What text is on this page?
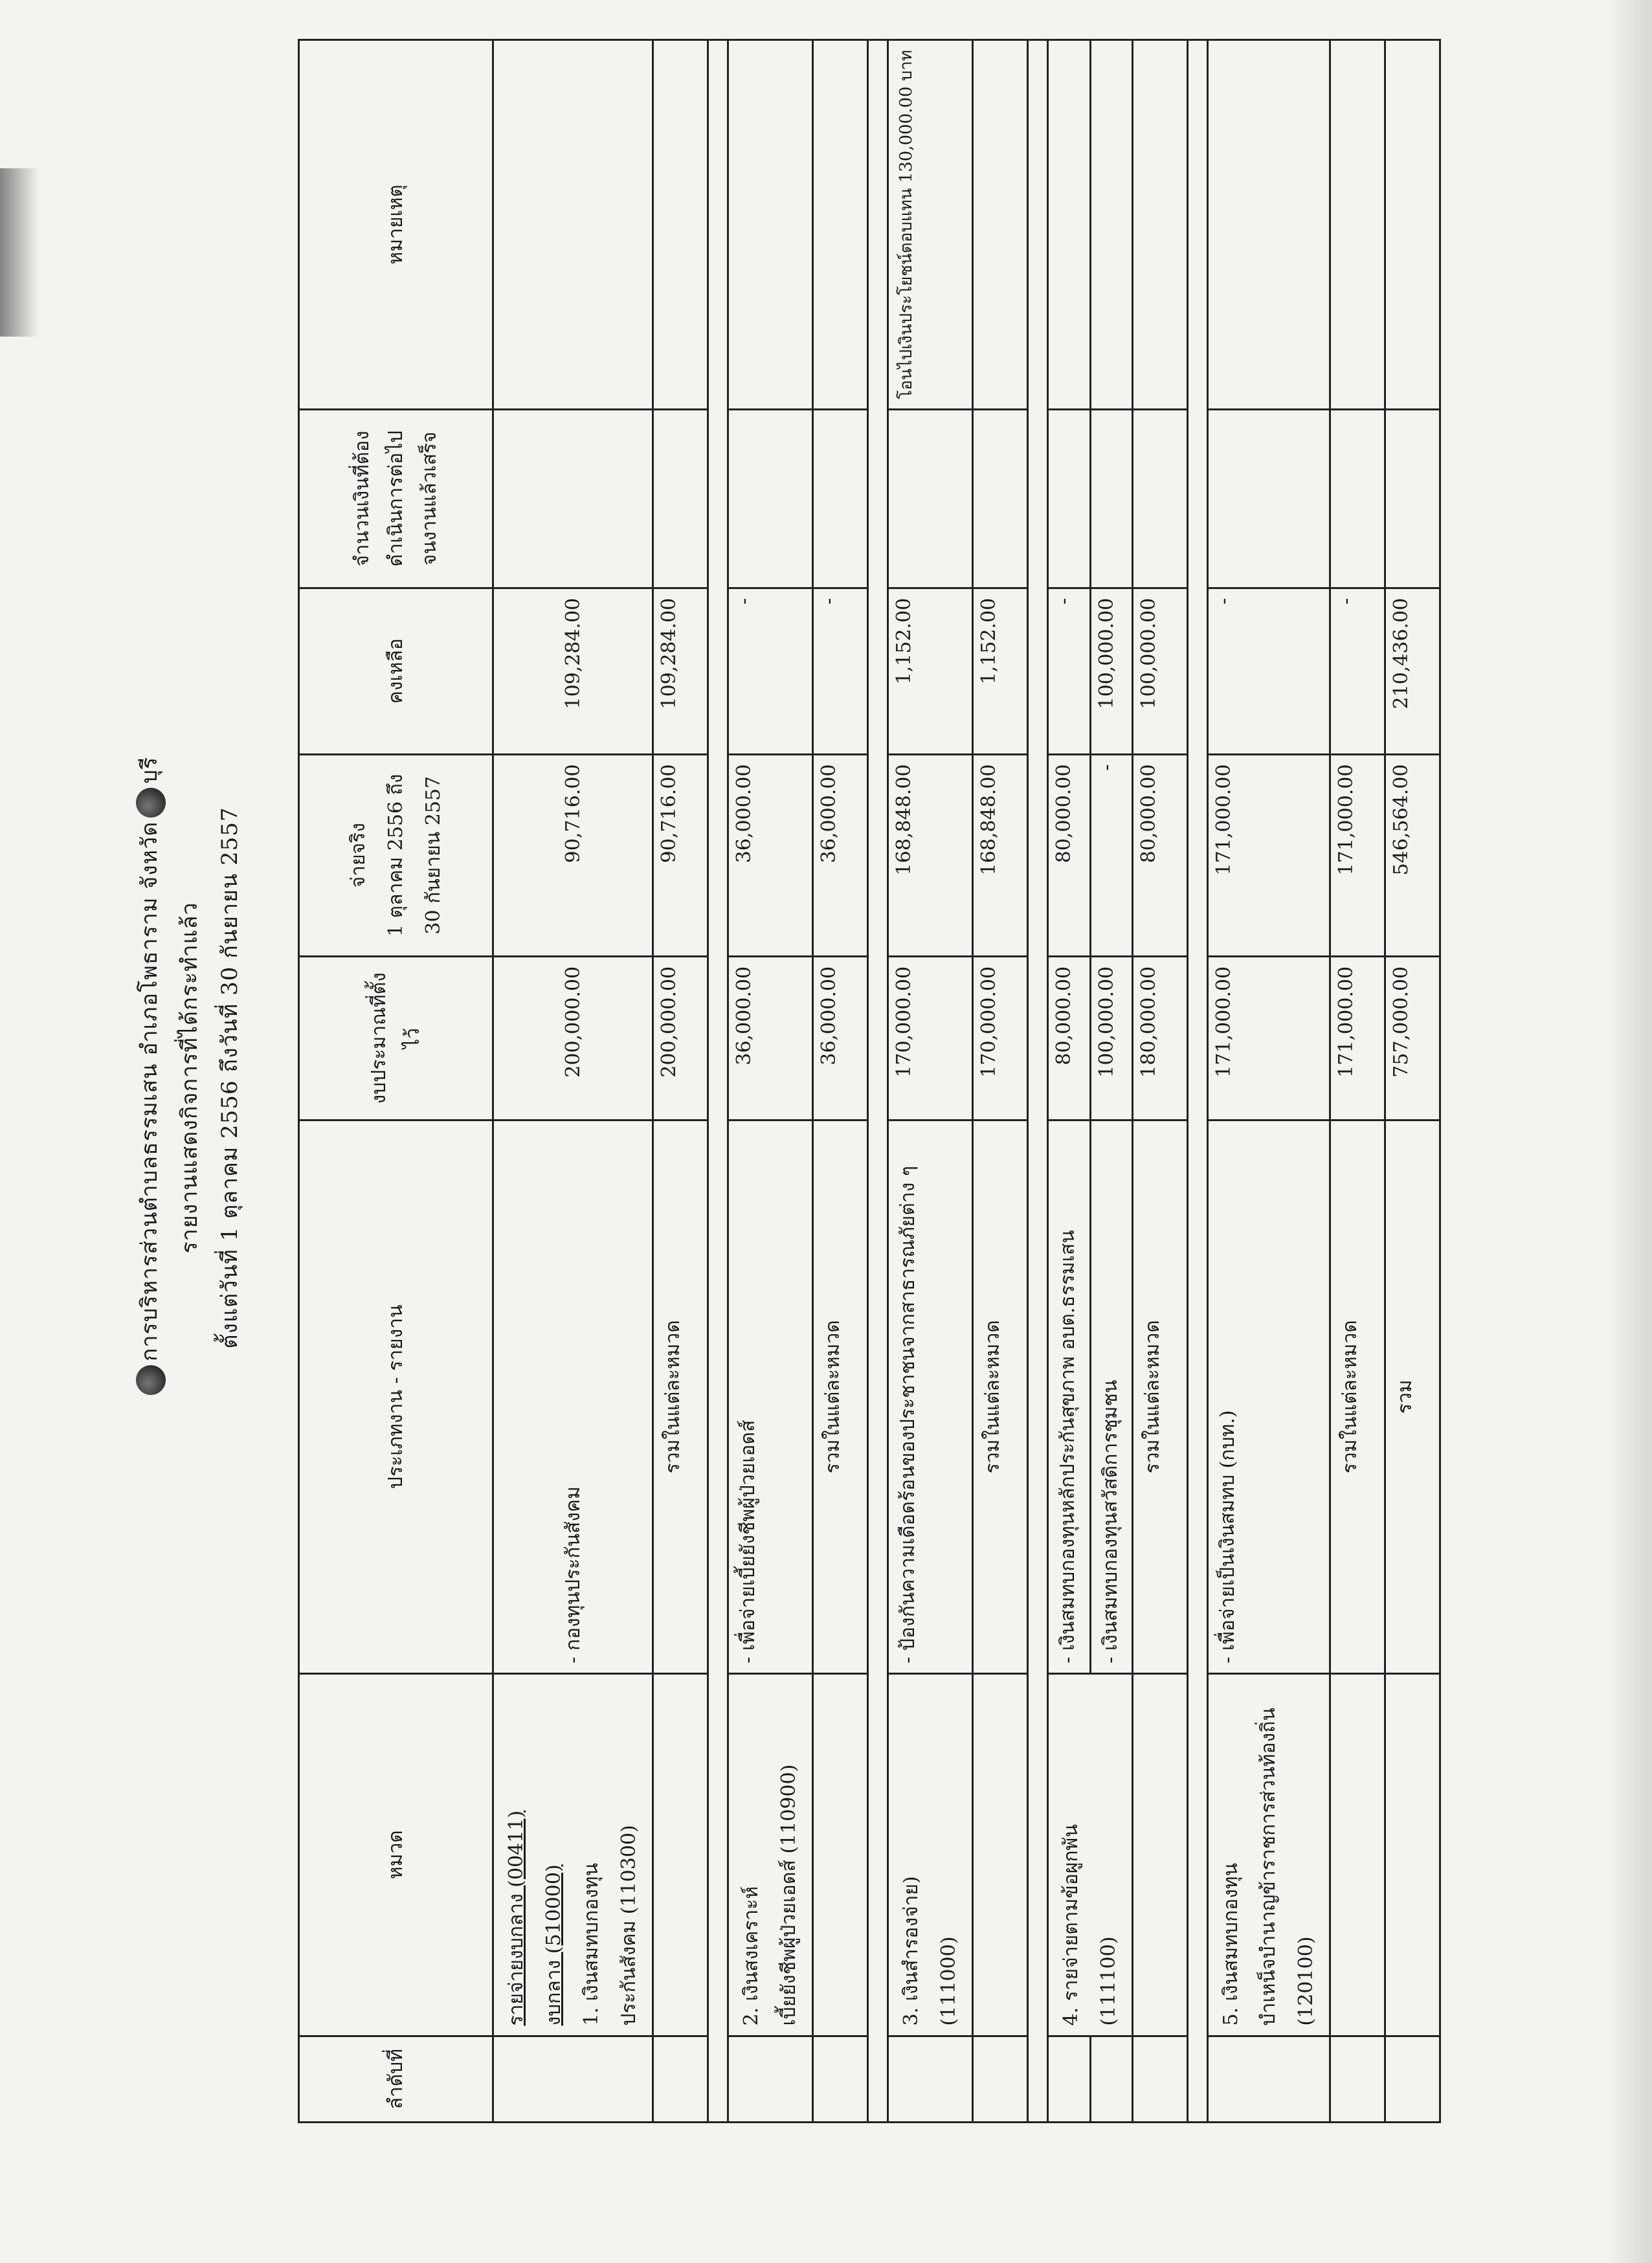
การบริหารส่วนตำบลธรรมเสน อำเภอโพธาราม จังหวัดบุรี
รายงานแสดงกิจการที่ได้กระทำแล้ว ตั้งแต่วันที่ 1 ตุลาคม 2556 ถึงวันที่ 30 กันยายน 2557
ลำดับที่	หมวด	ประเภทงาน - รายงาน	งบประมาณที่ตั้งไว้	จ่ายจริง 1 ตุลาคม 2556 ถึง 30 กันยายน 2557	คงเหลือ	จำนวนเงินที่ต้องดำเนินการต่อไปจนงานแล้วเสร็จ	หมายเหตุ

	รายจ่ายงบกลาง (00411) งบกลาง (510000) 1. เงินสมทบกองทุน ประกันสังคม (110300)	- กองทุนประกันสังคม	200,000.00	90,716.00	109,284.00		
		รวมในแต่ละหมวด	200,000.00	90,716.00	109,284.00		

	2. เงินสงเคราะห์ เบี้ยยังชีพผู้ป่วยเอดส์ (110900)	- เพื่อจ่ายเบี้ยยังชีพผู้ป่วยเอดส์	36,000.00	36,000.00	-		
		รวมในแต่ละหมวด	36,000.00	36,000.00	-		

	3. เงินสำรองจ่าย) (111000)	- ป้องกันความเดือดร้อนของประชาชนจากสาธารณภัยต่าง ๆ	170,000.00	168,848.00	1,152.00		โอนไปเงินประโยชน์ตอบแทน 130,000.00 บาท
		รวมในแต่ละหมวด	170,000.00	168,848.00	1,152.00		

	4. รายจ่ายตามข้อผูกพัน (111100)	- เงินสมทบกองทุนหลักประกันสุขภาพ อบต.ธรรมเสน	80,000.00	80,000.00	-		
		- เงินสมทบกองทุนสวัสดิการชุมชน	100,000.00	-	100,000.00		
		รวมในแต่ละหมวด	180,000.00	80,000.00	100,000.00		

	5. เงินสมทบกองทุน บำเหน็จบำนาญข้าราชการส่วนท้องถิ่น (120100)	- เพื่อจ่ายเป็นเงินสมทบ (กบท.)	171,000.00	171,000.00	-		
		รวมในแต่ละหมวด	171,000.00	171,000.00	-		
		รวม	757,000.00	546,564.00	210,436.00		
